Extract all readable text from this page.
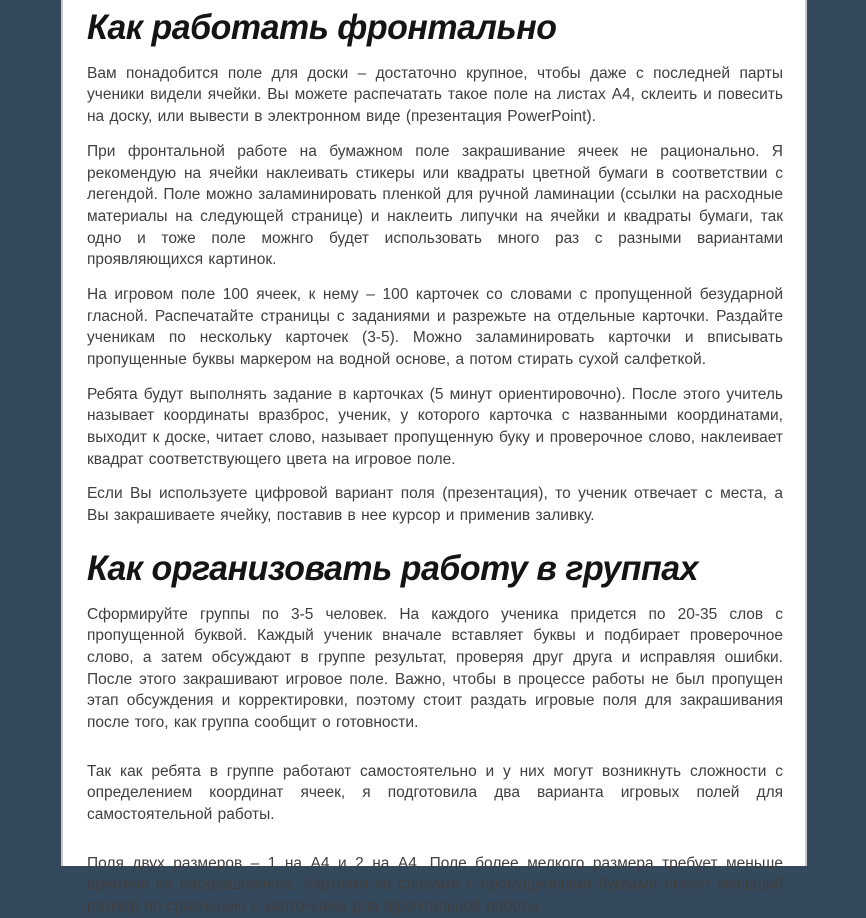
Как работать фронтально

Вам понадобится поле для доски – достаточно крупное, чтобы даже с последней парты ученики видели ячейки. Вы можете распечатать такое поле на листах А4, склеить и повесить на доску, или вывести в электронном виде (презентация PowerPoint).

При фронтальной работе на бумажном поле закрашивание ячеек не рационально. Я рекомендую на ячейки наклеивать стикеры или квадраты цветной бумаги в соответствии с легендой. Поле можно заламинировать пленкой для ручной ламинации (ссылки на расходные материалы на следующей странице) и наклеить липучки на ячейки и квадраты бумаги, так одно и тоже поле можнго будет использовать много раз с разными вариантами проявляющихся картинок.

На игровом поле 100 ячеек, к нему – 100 карточек со словами с пропущенной безударной гласной. Распечатайте страницы с заданиями и разрежьте на отдельные карточки. Раздайте ученикам по нескольку карточек (3-5). Можно заламинировать карточки и вписывать пропущенные буквы маркером на водной основе, а потом стирать сухой салфеткой.

Ребята будут выполнять задание в карточках (5 минут ориентировочно). После этого учитель называет координаты вразброс, ученик, у которого карточка с названными координатами, выходит к доске, читает слово, называет пропущенную буку и проверочное слово, наклеивает квадрат соответствующего цвета на игровое поле.

Если Вы используете цифровой вариант поля (презентация), то ученик отвечает с места, а Вы закрашиваете ячейку, поставив в нее курсор и применив заливку.

Как организовать работу в группах

Сформируйте группы по 3-5 человек. На каждого ученика придется по 20-35 слов с пропущенной буквой. Каждый ученик вначале вставляет буквы и подбирает проверочное слово, а затем обсуждают в группе результат, проверяя друг друга и исправляя ошибки. После этого закрашивают игровое поле. Важно, чтобы в процессе работы не был пропущен этап обсуждения и корректировки, поэтому стоит раздать игровые поля для закрашивания после того, как группа сообщит о готовности.

Так как ребята в группе работают самостоятельно и у них могут возникнуть сложности с определением координат ячеек, я подготовила два варианта игровых полей для самостоятельной работы.

Поля двух размеров – 1 на А4 и 2 на А4. Поле более мелкого размера требует меньше времени на раскрашивание. Карточки со словами с пропущенными буквами имеют меньший размер по сравнению с карточками для фронтальной работы.
